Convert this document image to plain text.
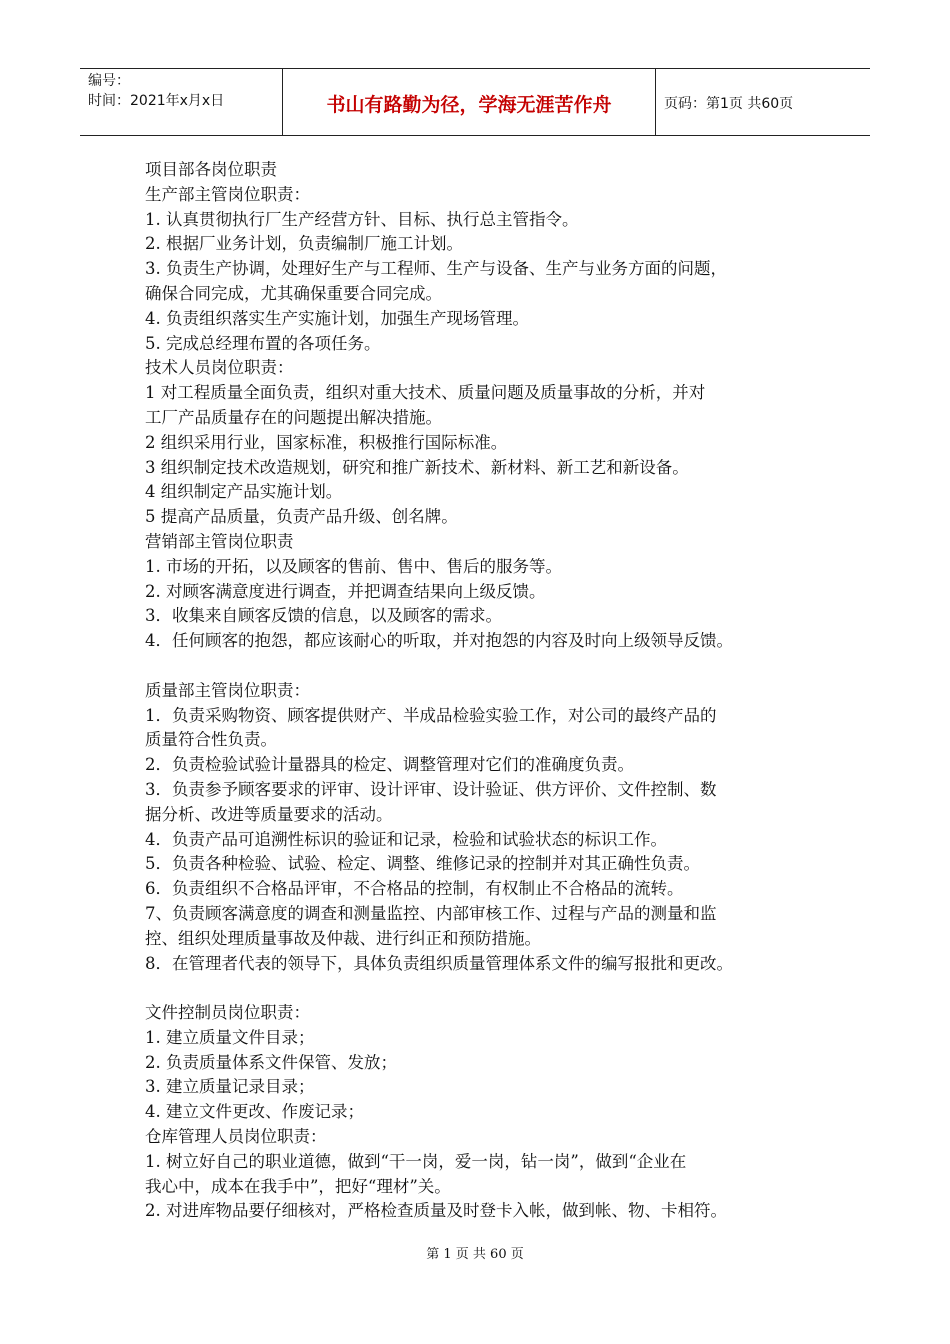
编号：
时间：2021年x月x日	书山有路勤为径，学海无涯苦作舟	页码：第1页 共60页
项目部各岗位职责
生产部主管岗位职责：
1. 认真贯彻执行厂生产经营方针、目标、执行总主管指令。
2. 根据厂业务计划，负责编制厂施工计划。
3. 负责生产协调，处理好生产与工程师、生产与设备、生产与业务方面的问题，
确保合同完成，尤其确保重要合同完成。
4. 负责组织落实生产实施计划，加强生产现场管理。
5. 完成总经理布置的各项任务。
技术人员岗位职责：
1 对工程质量全面负责，组织对重大技术、质量问题及质量事故的分析，并对
工厂产品质量存在的问题提出解决措施。
2 组织采用行业，国家标准，积极推行国际标准。
3 组织制定技术改造规划，研究和推广新技术、新材料、新工艺和新设备。
4 组织制定产品实施计划。
5 提高产品质量，负责产品升级、创名牌。
营销部主管岗位职责
1. 市场的开拓，以及顾客的售前、售中、售后的服务等。
2. 对顾客满意度进行调查，并把调查结果向上级反馈。
3．收集来自顾客反馈的信息，以及顾客的需求。
4．任何顾客的抱怨，都应该耐心的听取，并对抱怨的内容及时向上级领导反馈。
质量部主管岗位职责：
1．负责采购物资、顾客提供财产、半成品检验实验工作，对公司的最终产品的
质量符合性负责。
2．负责检验试验计量器具的检定、调整管理对它们的准确度负责。
3．负责参予顾客要求的评审、设计评审、设计验证、供方评价、文件控制、数
据分析、改进等质量要求的活动。
4．负责产品可追溯性标识的验证和记录，检验和试验状态的标识工作。
5．负责各种检验、试验、检定、调整、维修记录的控制并对其正确性负责。
6．负责组织不合格品评审，不合格品的控制，有权制止不合格品的流转。
7、负责顾客满意度的调查和测量监控、内部审核工作、过程与产品的测量和监
控、组织处理质量事故及仲裁、进行纠正和预防措施。
8．在管理者代表的领导下，具体负责组织质量管理体系文件的编写报批和更改。
文件控制员岗位职责：
1. 建立质量文件目录；
2. 负责质量体系文件保管、发放；
3. 建立质量记录目录；
4. 建立文件更改、作废记录；
仓库管理人员岗位职责：
1. 树立好自己的职业道德，做到“干一岗，爱一岗，钻一岗”，做到“企业在
我心中，成本在我手中”，把好“理材”关。
2. 对进库物品要仔细核对，严格检查质量及时登卡入帐，做到帐、物、卡相符。
第 1 页 共 60 页
